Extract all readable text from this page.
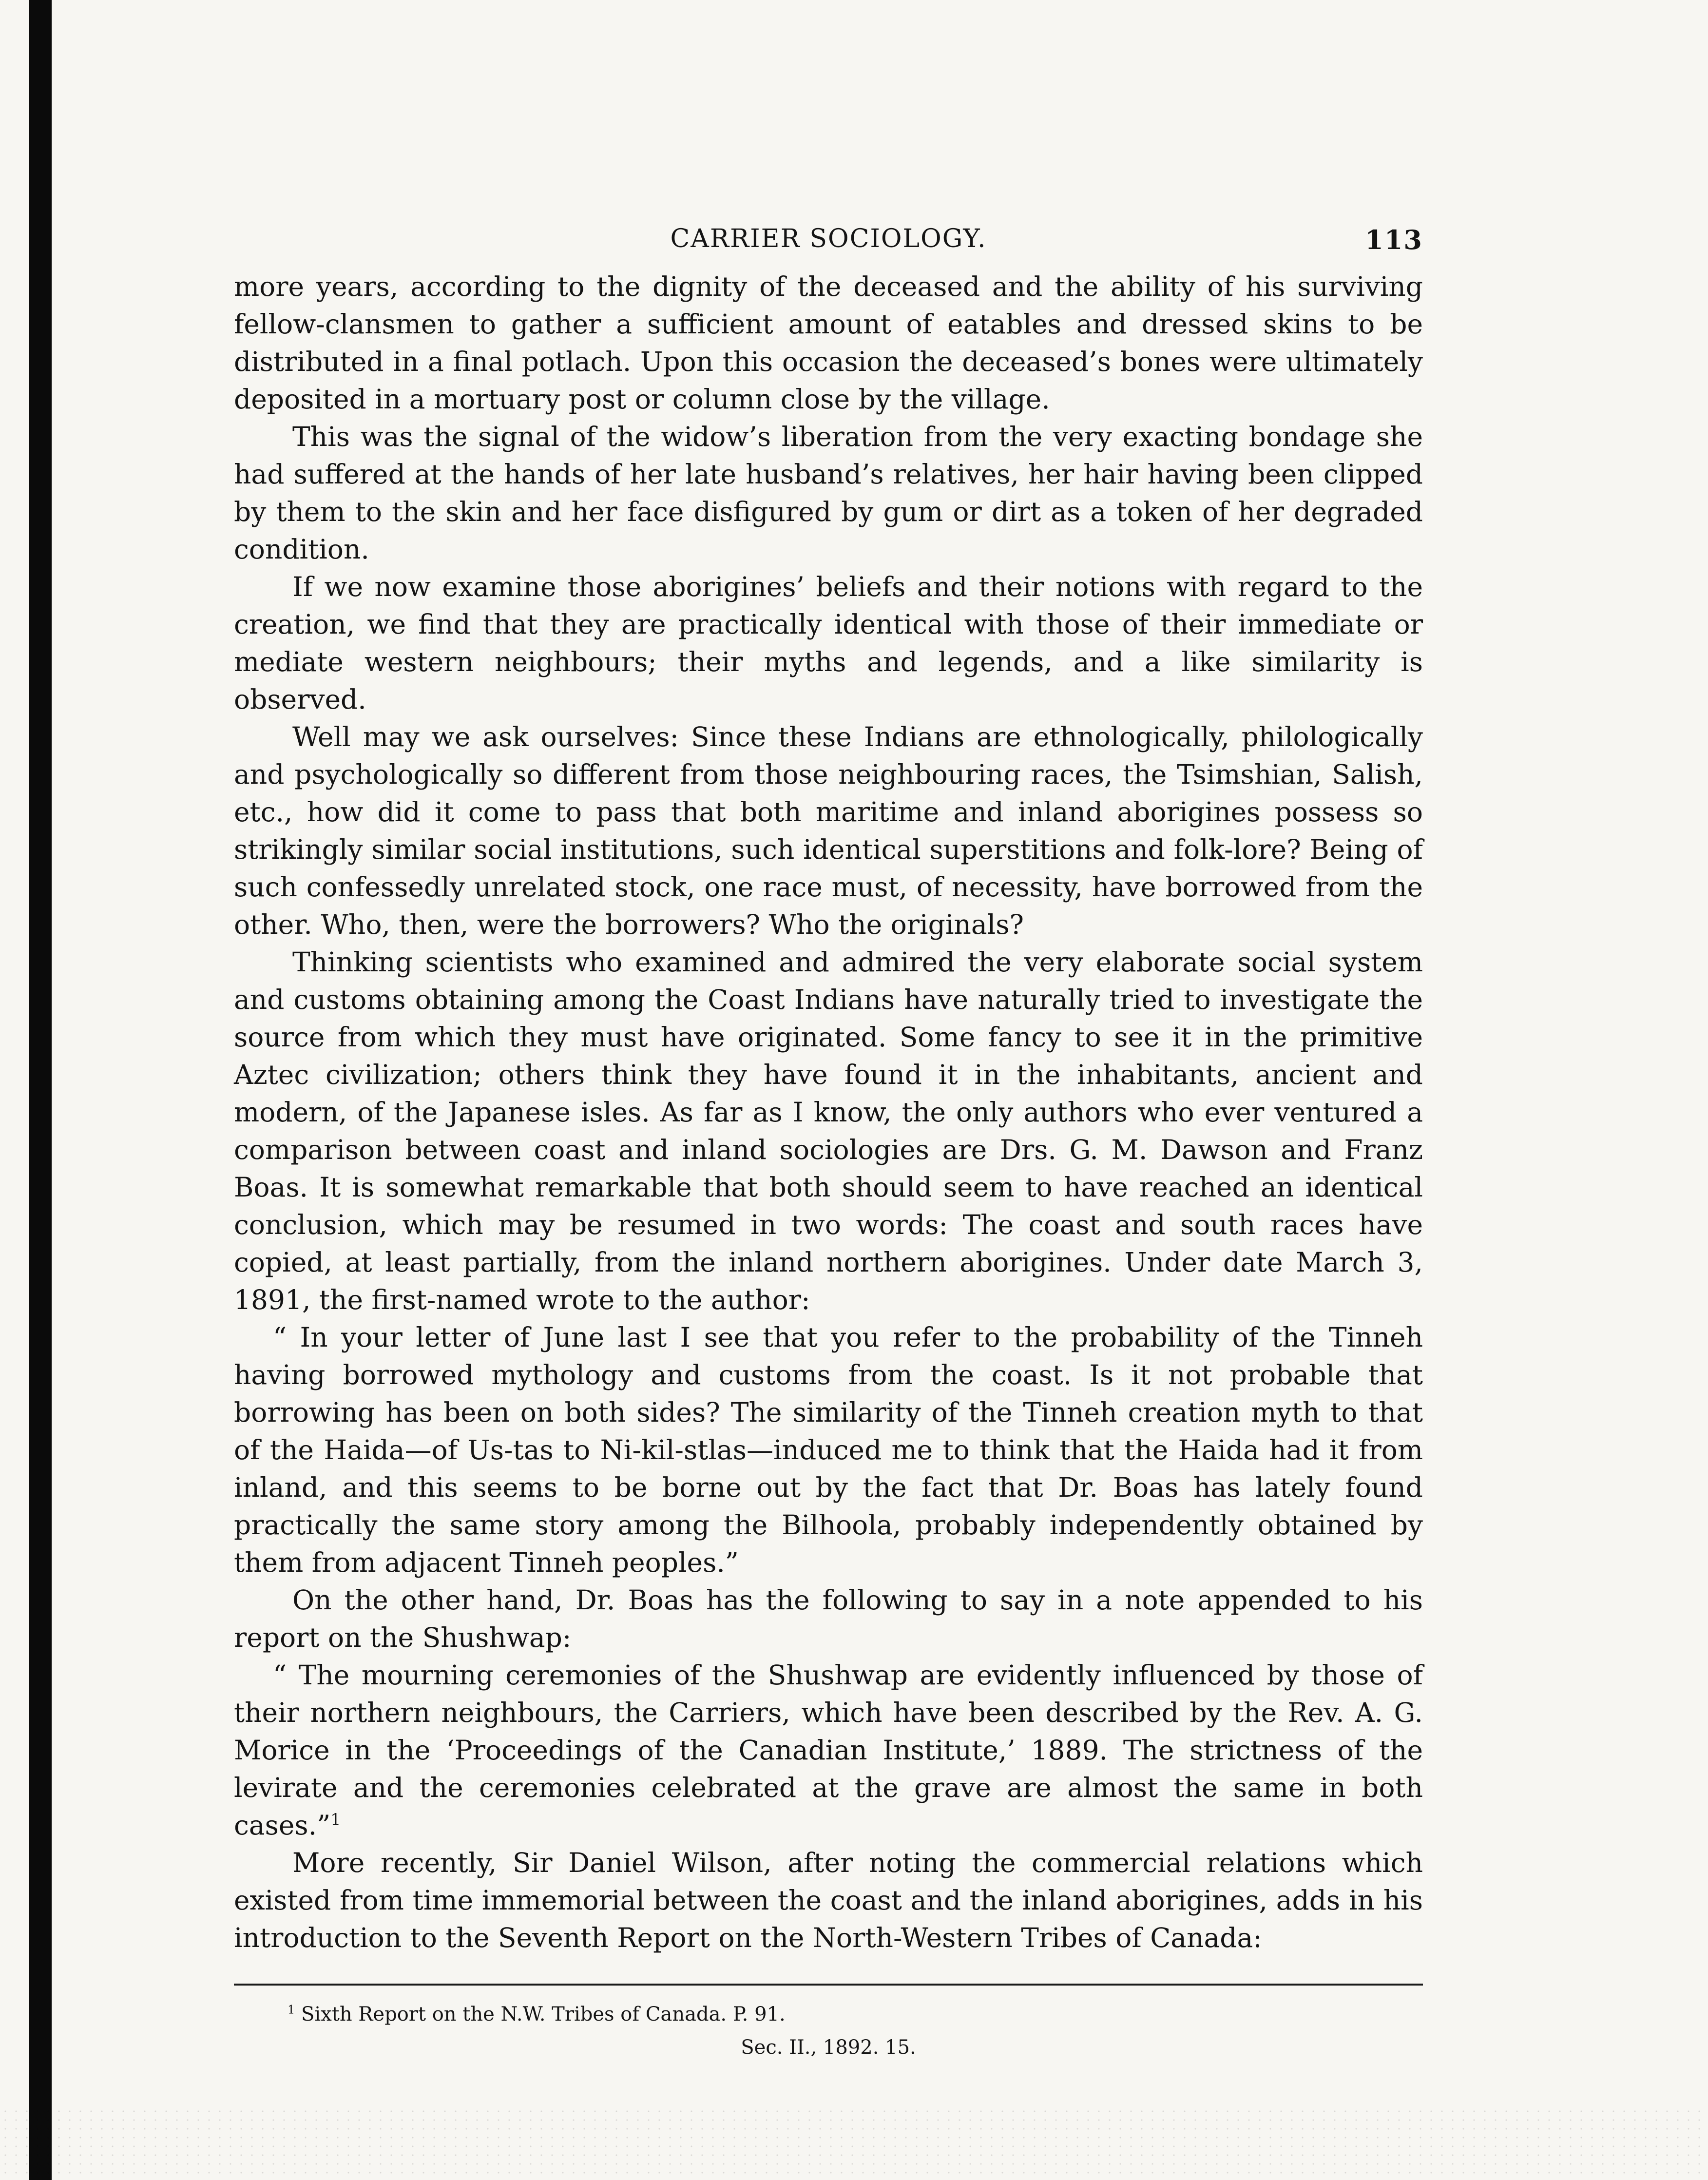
CARRIER SOCIOLOGY.	113

more years, according to the dignity of the deceased and the ability of his surviving fellow-clansmen to gather a sufficient amount of eatables and dressed skins to be distributed in a final potlach. Upon this occasion the deceased’s bones were ultimately deposited in a mortuary post or column close by the village.

This was the signal of the widow’s liberation from the very exacting bondage she had suffered at the hands of her late husband’s relatives, her hair having been clipped by them to the skin and her face disfigured by gum or dirt as a token of her degraded condition.

If we now examine those aborigines’ beliefs and their notions with regard to the creation, we find that they are practically identical with those of their immediate or mediate western neighbours; their myths and legends, and a like similarity is observed.

Well may we ask ourselves: Since these Indians are ethnologically, philologically and psychologically so different from those neighbouring races, the Tsimshian, Salish, etc., how did it come to pass that both maritime and inland aborigines possess so strikingly similar social institutions, such identical superstitions and folk-lore? Being of such confessedly unrelated stock, one race must, of necessity, have borrowed from the other. Who, then, were the borrowers? Who the originals?

Thinking scientists who examined and admired the very elaborate social system and customs obtaining among the Coast Indians have naturally tried to investigate the source from which they must have originated. Some fancy to see it in the primitive Aztec civilization; others think they have found it in the inhabitants, ancient and modern, of the Japanese isles. As far as I know, the only authors who ever ventured a comparison between coast and inland sociologies are Drs. G. M. Dawson and Franz Boas. It is somewhat remarkable that both should seem to have reached an identical conclusion, which may be resumed in two words: The coast and south races have copied, at least partially, from the inland northern aborigines. Under date March 3, 1891, the first-named wrote to the author:

“ In your letter of June last I see that you refer to the probability of the Tinneh having borrowed mythology and customs from the coast. Is it not probable that borrowing has been on both sides? The similarity of the Tinneh creation myth to that of the Haida—of Us-tas to Ni-kil-stlas—induced me to think that the Haida had it from inland, and this seems to be borne out by the fact that Dr. Boas has lately found practically the same story among the Bilhoola, probably independently obtained by them from adjacent Tinneh peoples.”

On the other hand, Dr. Boas has the following to say in a note appended to his report on the Shushwap:

“ The mourning ceremonies of the Shushwap are evidently influenced by those of their northern neighbours, the Carriers, which have been described by the Rev. A. G. Morice in the ‘Proceedings of the Canadian Institute,’ 1889. The strictness of the levirate and the ceremonies celebrated at the grave are almost the same in both cases.”$^1$

More recently, Sir Daniel Wilson, after noting the commercial relations which existed from time immemorial between the coast and the inland aborigines, adds in his introduction to the Seventh Report on the North-Western Tribes of Canada:

$^1$ Sixth Report on the N.W. Tribes of Canada. P. 91.
Sec. II., 1892. 15.
